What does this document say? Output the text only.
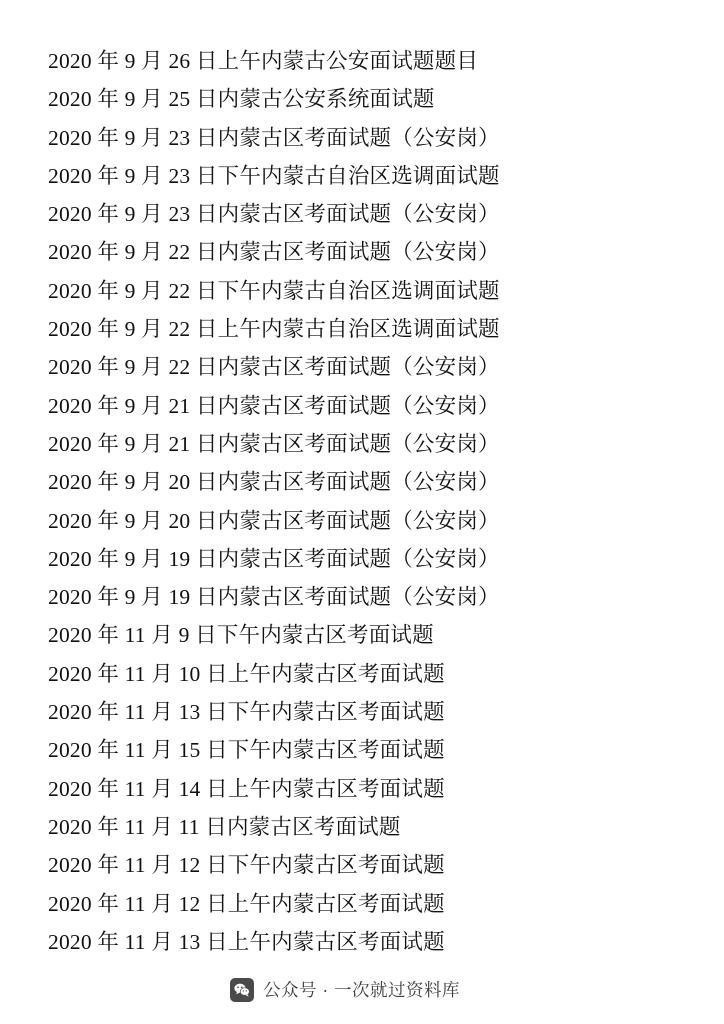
2020 年 9 月 26 日上午内蒙古公安面试题题目
2020 年 9 月 25 日内蒙古公安系统面试题
2020 年 9 月 23 日内蒙古区考面试题（公安岗）
2020 年 9 月 23 日下午内蒙古自治区选调面试题
2020 年 9 月 23 日内蒙古区考面试题（公安岗）
2020 年 9 月 22 日内蒙古区考面试题（公安岗）
2020 年 9 月 22 日下午内蒙古自治区选调面试题
2020 年 9 月 22 日上午内蒙古自治区选调面试题
2020 年 9 月 22 日内蒙古区考面试题（公安岗）
2020 年 9 月 21 日内蒙古区考面试题（公安岗）
2020 年 9 月 21 日内蒙古区考面试题（公安岗）
2020 年 9 月 20 日内蒙古区考面试题（公安岗）
2020 年 9 月 20 日内蒙古区考面试题（公安岗）
2020 年 9 月 19 日内蒙古区考面试题（公安岗）
2020 年 9 月 19 日内蒙古区考面试题（公安岗）
2020 年 11 月 9 日下午内蒙古区考面试题
2020 年 11 月 10 日上午内蒙古区考面试题
2020 年 11 月 13 日下午内蒙古区考面试题
2020 年 11 月 15 日下午内蒙古区考面试题
2020 年 11 月 14 日上午内蒙古区考面试题
2020 年 11 月 11 日内蒙古区考面试题
2020 年 11 月 12 日下午内蒙古区考面试题
2020 年 11 月 12 日上午内蒙古区考面试题
2020 年 11 月 13 日上午内蒙古区考面试题
公众号 · 一次就过资料库
